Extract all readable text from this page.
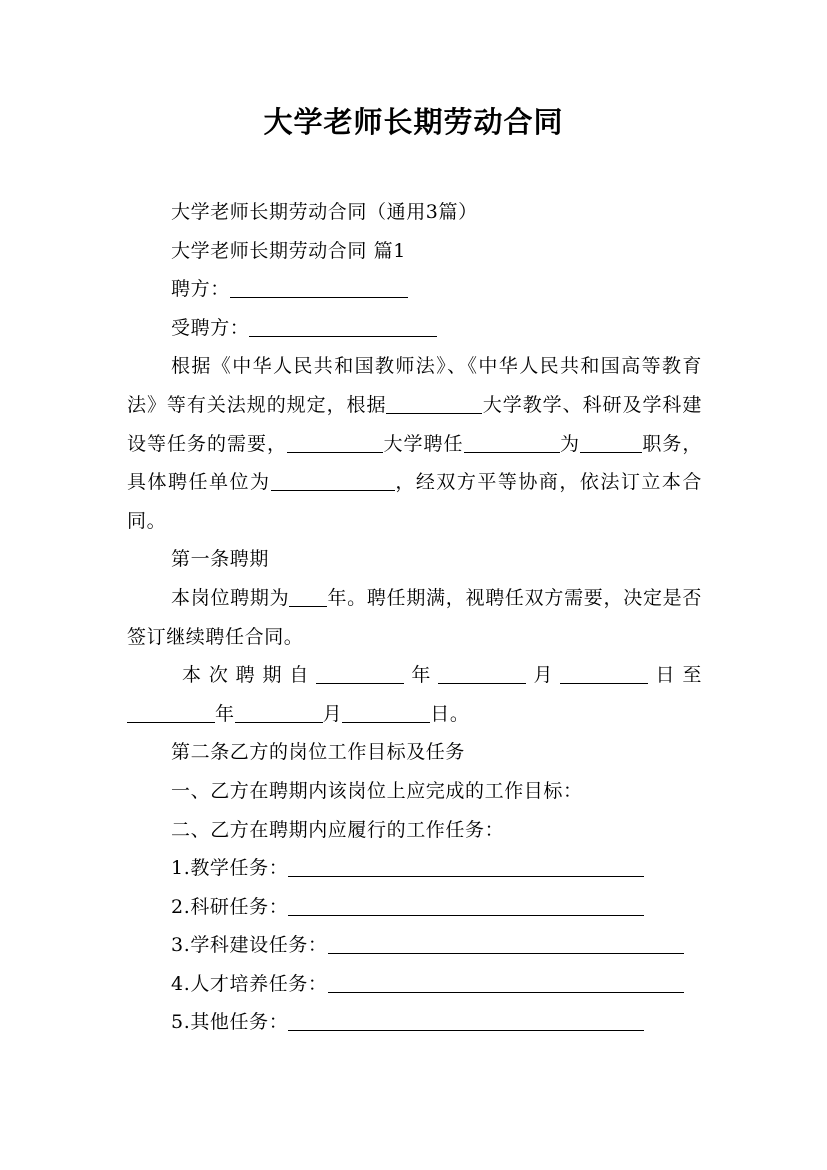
大学老师长期劳动合同

大学老师长期劳动合同（通用3篇）

大学老师长期劳动合同 篇1

聘方：

受聘方：

根据《中华人民共和国教师法》、《中华人民共和国高等教育法》等有关法规的规定，根据	大学教学、科研及学科建设等任务的需要，	大学聘任	为	职务，具体聘任单位为	，经双方平等协商，依法订立本合同。

第一条聘期

本岗位聘期为 年。聘任期满，视聘任双方需要，决定是否签订继续聘任合同。

本次聘期自	年	月	日至

年	月	日。

第二条乙方的岗位工作目标及任务

一、乙方在聘期内该岗位上应完成的工作目标：

二、乙方在聘期内应履行的工作任务：

1.教学任务：

2.科研任务：

3.学科建设任务：

4.人才培养任务：

5.其他任务：
